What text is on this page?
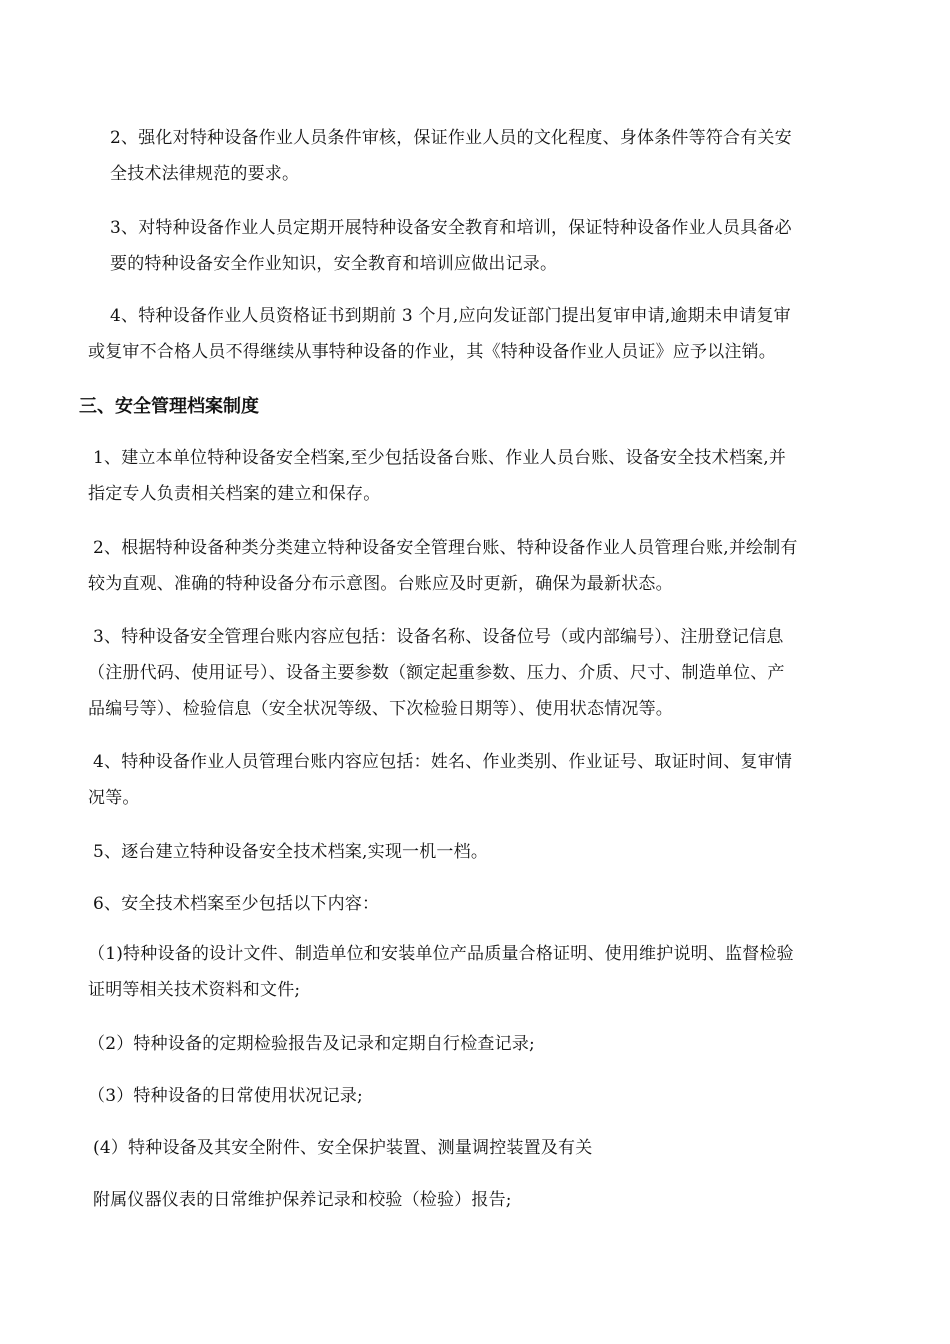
2、强化对特种设备作业人员条件审核，保证作业人员的文化程度、身体条件等符合有关安
全技术法律规范的要求。
3、对特种设备作业人员定期开展特种设备安全教育和培训，保证特种设备作业人员具备必
要的特种设备安全作业知识，安全教育和培训应做出记录。
4、特种设备作业人员资格证书到期前 3 个月,应向发证部门提出复审申请,逾期未申请复审
或复审不合格人员不得继续从事特种设备的作业，其《特种设备作业人员证》应予以注销。
三、安全管理档案制度
1、建立本单位特种设备安全档案,至少包括设备台账、作业人员台账、设备安全技术档案,并
指定专人负责相关档案的建立和保存。
2、根据特种设备种类分类建立特种设备安全管理台账、特种设备作业人员管理台账,并绘制有
较为直观、准确的特种设备分布示意图。台账应及时更新，确保为最新状态。
3、特种设备安全管理台账内容应包括：设备名称、设备位号（或内部编号）、注册登记信息
（注册代码、使用证号）、设备主要参数（额定起重参数、压力、介质、尺寸、制造单位、产
品编号等）、检验信息（安全状况等级、下次检验日期等）、使用状态情况等。
4、特种设备作业人员管理台账内容应包括：姓名、作业类别、作业证号、取证时间、复审情
况等。
5、逐台建立特种设备安全技术档案,实现一机一档。
6、安全技术档案至少包括以下内容：
（1)特种设备的设计文件、制造单位和安装单位产品质量合格证明、使用维护说明、监督检验
证明等相关技术资料和文件;
（2）特种设备的定期检验报告及记录和定期自行检查记录;
（3）特种设备的日常使用状况记录;
(4）特种设备及其安全附件、安全保护装置、测量调控装置及有关
附属仪器仪表的日常维护保养记录和校验（检验）报告;
